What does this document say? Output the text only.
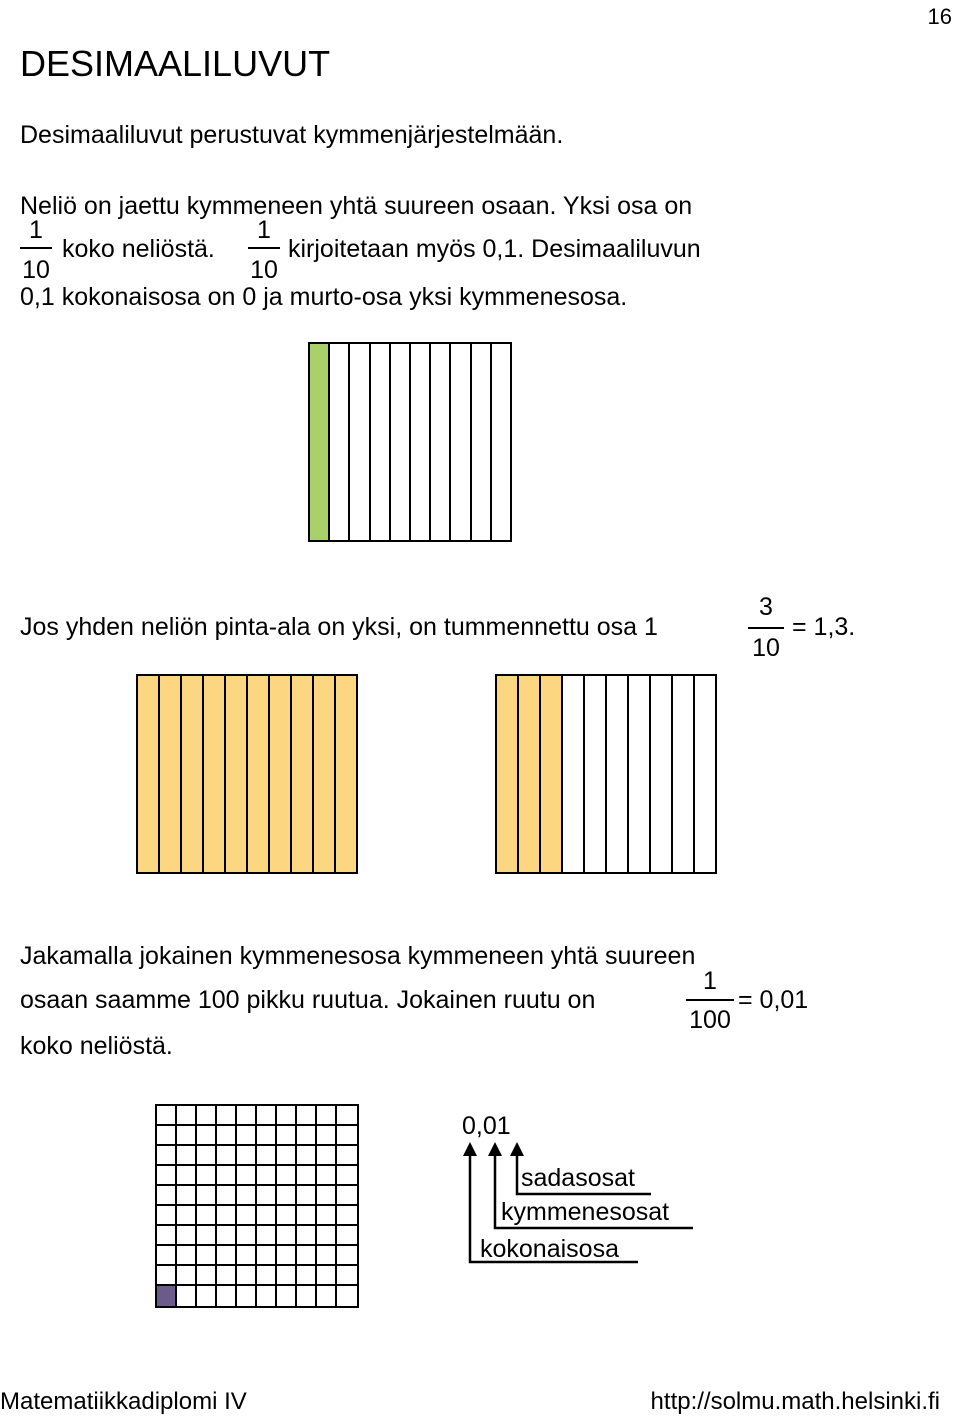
16
DESIMAALILUVUT
Desimaaliluvut perustuvat kymmenjärjestelmään.
Neliö on jaettu kymmeneen yhtä suureen osaan. Yksi osa on
1
10
koko neliöstä.
1
10
kirjoitetaan myös 0,1. Desimaaliluvun
0,1 kokonaisosa on 0 ja murto-osa yksi kymmenesosa.
Jos yhden neliön pinta-ala on yksi, on tummennettu osa 1
3
10
= 1,3.
Jakamalla jokainen kymmenesosa kymmeneen yhtä suureen
osaan saamme 100 pikku ruutua. Jokainen ruutu on
1
100
= 0,01
koko neliöstä.
0,01
sadasosat
kymmenesosat
kokonaisosa
Matematiikkadiplomi IV	http://solmu.math.helsinki.fi
